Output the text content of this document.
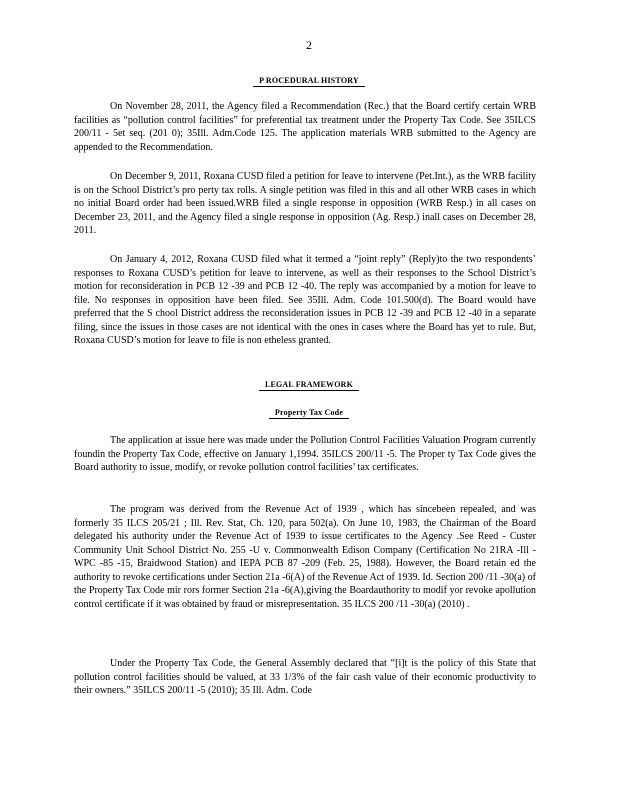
2
P ROCEDURAL HISTORY

On November 28, 2011, the Agency filed a Recommendation (Rec.) that the Board certify certain WRB facilities as “pollution control facilities” for preferential tax treatment under the Property Tax Code. See 35ILCS 200/11 - 5et seq. (201 0); 35Ill. Adm.Code 125. The application materials WRB submitted to the Agency are appended to the Recommendation.

On December 9, 2011, Roxana CUSD filed a petition for leave to intervene (Pet.Int.), as the WRB facility is on the School District’s pro perty tax rolls. A single petition was filed in this and all other WRB cases in which no initial Board order had been issued.WRB filed a single response in opposition (WRB Resp.) in all cases on December 23, 2011, and the Agency filed a single response in opposition (Ag. Resp.) inall cases on December 28, 2011.

On January 4, 2012, Roxana CUSD filed what it termed a “joint reply” (Reply)to the two respondents’ responses to Roxana CUSD’s petition for leave to intervene, as well as their responses to the School District’s motion for reconsideration in PCB 12 -39 and PCB 12 -40. The reply was accompanied by a motion for leave to file. No responses in opposition have been filed. See 35Ill. Adm. Code 101.500(d). The Board would have preferred that the S chool District address the reconsideration issues in PCB 12 -39 and PCB 12 -40 in a separate filing, since the issues in those cases are not identical with the ones in cases where the Board has yet to rule. But, Roxana CUSD’s motion for leave to file is non etheless granted.

LEGAL FRAMEWORK
Property Tax Code

The application at issue here was made under the Pollution Control Facilities Valuation Program currently foundin the Property Tax Code, effective on January 1,1994. 35ILCS 200/11 -5. The Proper ty Tax Code gives the Board authority to issue, modify, or revoke pollution control facilities’ tax certificates.

The program was derived from the Revenue Act of 1939 , which has sincebeen repealed, and was formerly 35 ILCS 205/21 ; Ill. Rev. Stat, Ch. 120, para 502(a). On June 10, 1983, the Chairman of the Board delegated his authority under the Revenue Act of 1939 to issue certificates to the Agency .See Reed - Custer Community Unit School District No. 255 -U v. Commonwealth Edison Company (Certification No 21RA -Ill -WPC -85 -15, Braidwood Station) and IEPA PCB 87 -209 (Feb. 25, 1988). However, the Board retain ed the authority to revoke certifications under Section 21a -6(A) of the Revenue Act of 1939. Id. Section 200 /11 -30(a) of the Property Tax Code mir rors former Section 21a -6(A),giving the Boardauthority to modif yor revoke apollution control certificate if it was obtained by fraud or misrepresentation. 35 ILCS 200 /11 -30(a) (2010) .

Under the Property Tax Code, the General Assembly declared that “[i]t is the policy of this State that pollution control facilities should be valued, at 33 1/3% of the fair cash value of their economic productivity to their owners.” 35ILCS 200/11 -5 (2010); 35 Ill. Adm. Code
